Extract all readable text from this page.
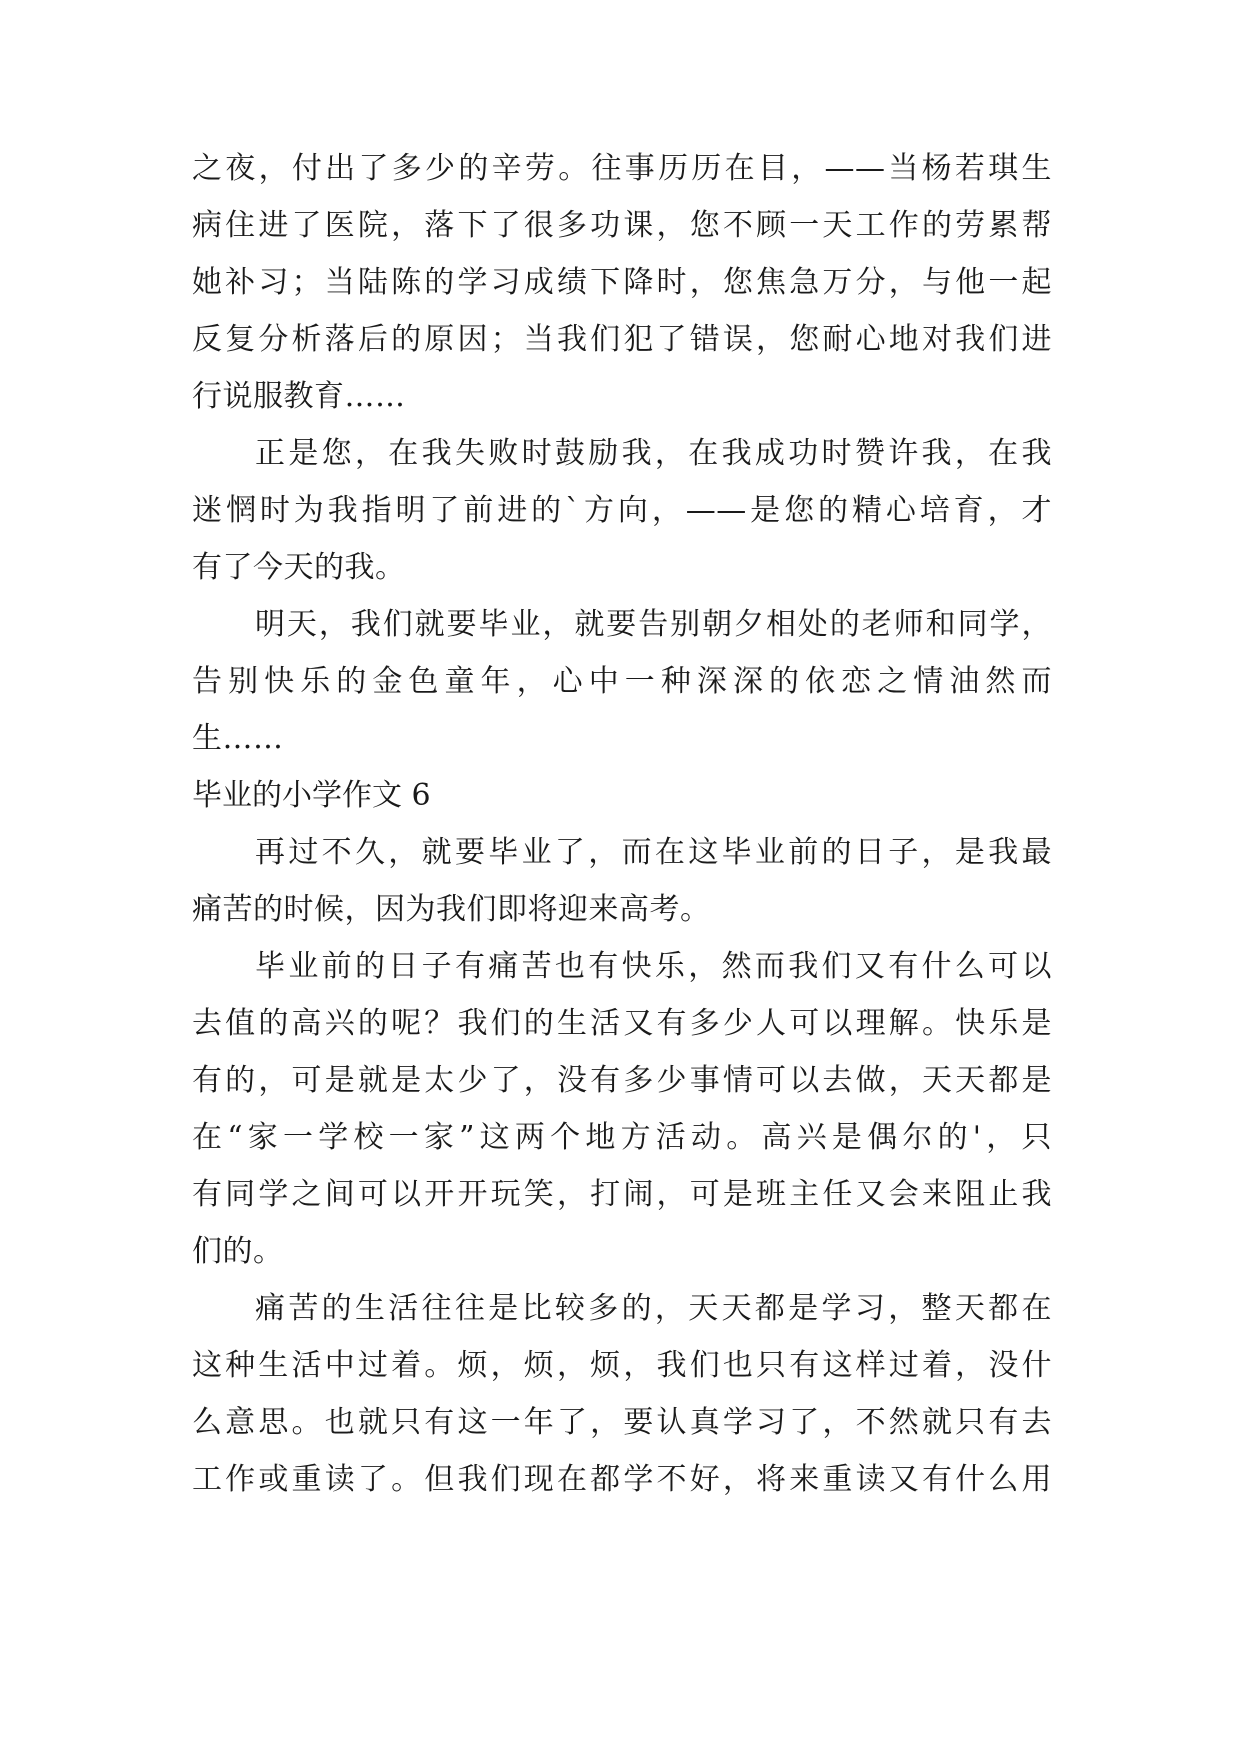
之夜，付出了多少的辛劳。往事历历在目，——当杨若琪生
病住进了医院，落下了很多功课，您不顾一天工作的劳累帮
她补习；当陆陈的学习成绩下降时，您焦急万分，与他一起
反复分析落后的原因；当我们犯了错误，您耐心地对我们进
行说服教育……
正是您，在我失败时鼓励我，在我成功时赞许我，在我
迷惘时为我指明了前进的`方向，——是您的精心培育，才
有了今天的我。
明天，我们就要毕业，就要告别朝夕相处的老师和同学，
告别快乐的金色童年，心中一种深深的依恋之情油然而
生……
毕业的小学作文 6
再过不久，就要毕业了，而在这毕业前的日子，是我最
痛苦的时候，因为我们即将迎来高考。
毕业前的日子有痛苦也有快乐，然而我们又有什么可以
去值的高兴的呢？我们的生活又有多少人可以理解。快乐是
有的，可是就是太少了，没有多少事情可以去做，天天都是
在“家一学校一家”这两个地方活动。高兴是偶尔的'，只
有同学之间可以开开玩笑，打闹，可是班主任又会来阻止我
们的。
痛苦的生活往往是比较多的，天天都是学习，整天都在
这种生活中过着。烦，烦，烦，我们也只有这样过着，没什
么意思。也就只有这一年了，要认真学习了，不然就只有去
工作或重读了。但我们现在都学不好，将来重读又有什么用
